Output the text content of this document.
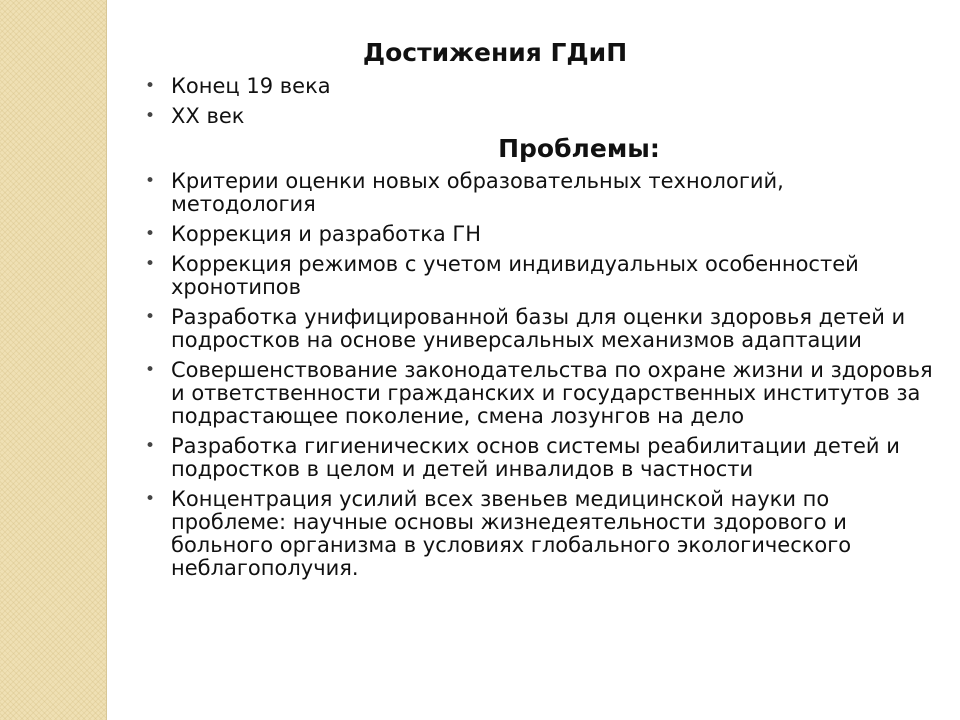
Достижения ГДиП
• Конец 19 века
• XX век
Проблемы:
• Критерии оценки новых образовательных технологий, методология
• Коррекция и разработка ГН
• Коррекция режимов с учетом индивидуальных особенностей хронотипов
• Разработка унифицированной базы для оценки здоровья детей и подростков на основе универсальных механизмов адаптации
• Совершенствование законодательства по охране жизни и здоровья и ответственности гражданских и государственных институтов за подрастающее поколение, смена лозунгов на дело
• Разработка гигиенических основ системы реабилитации детей и подростков в целом и детей инвалидов в частности
• Концентрация усилий всех звеньев медицинской науки по проблеме: научные основы жизнедеятельности здорового и больного организма в условиях глобального экологического неблагополучия.
